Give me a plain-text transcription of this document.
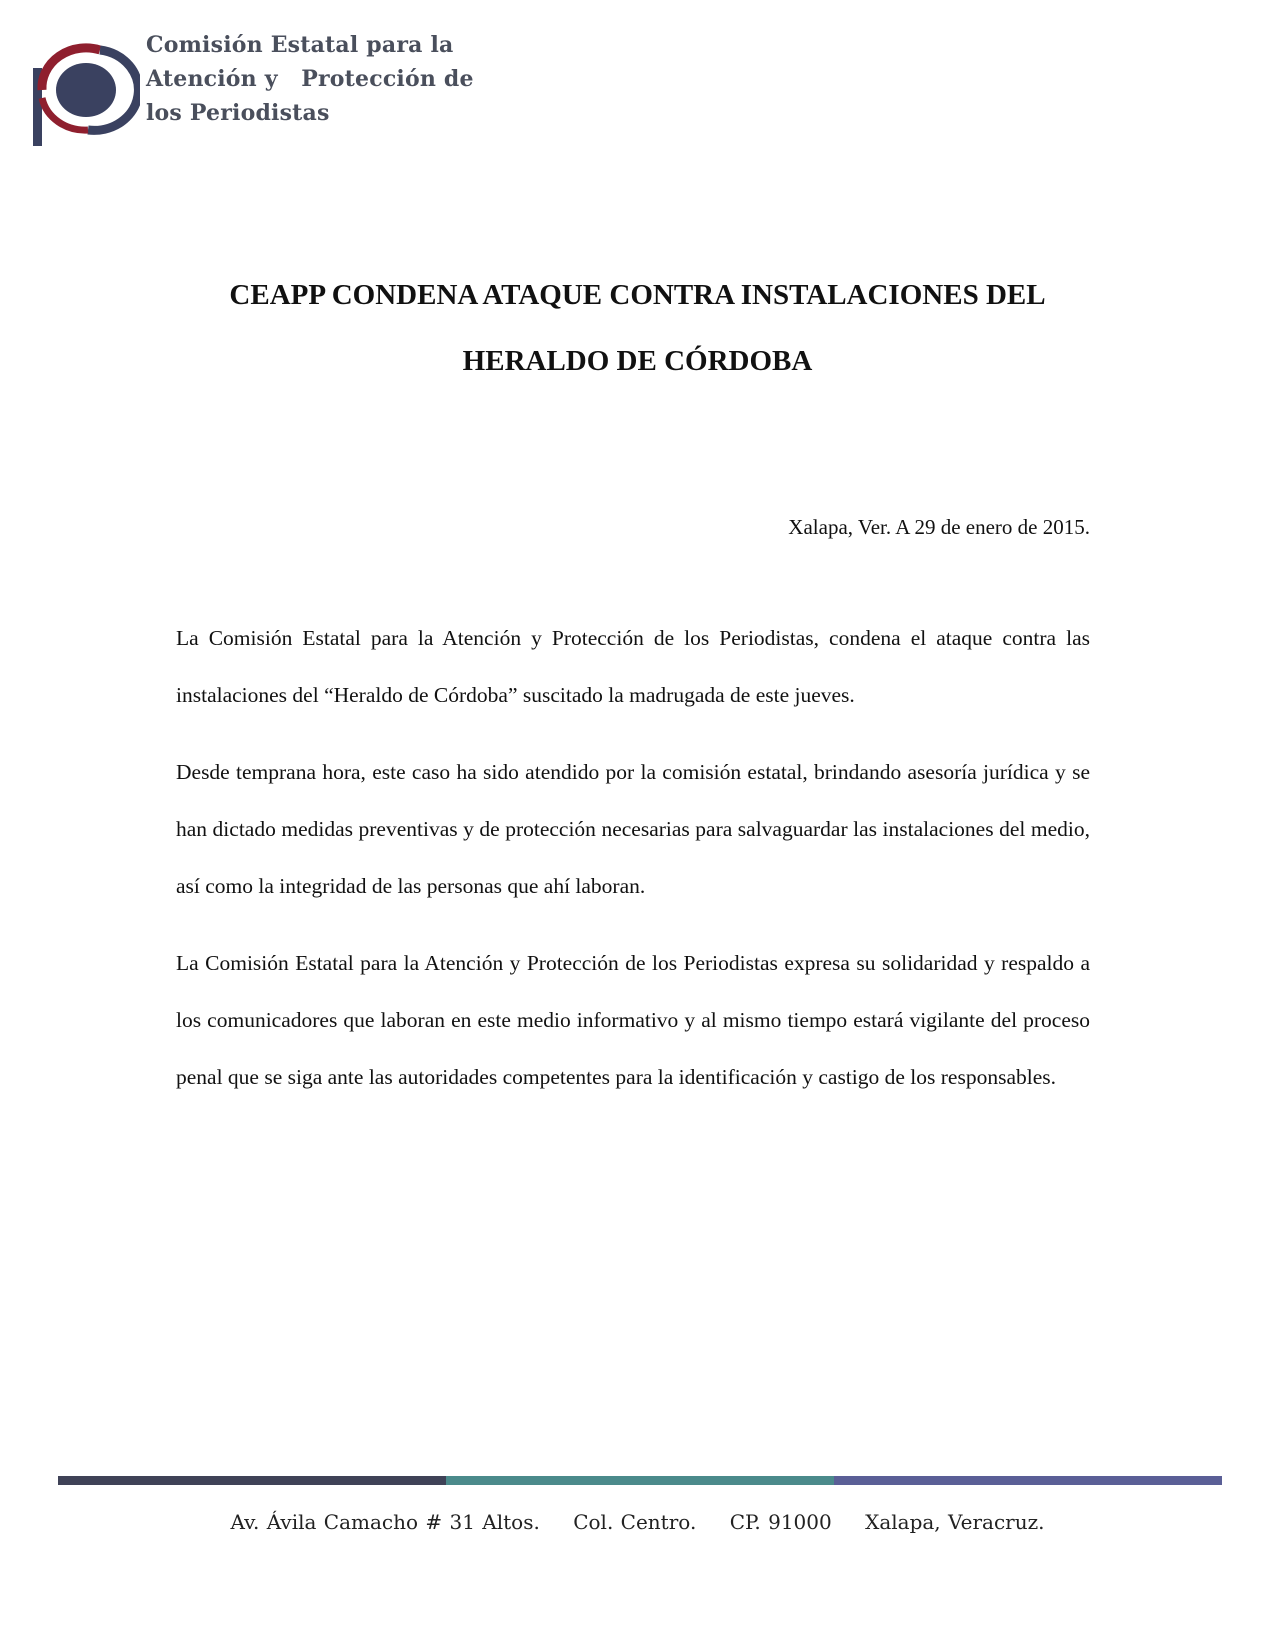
Comisión Estatal para la
Atención y   Protección de
los Periodistas
CEAPP CONDENA ATAQUE CONTRA INSTALACIONES DEL
HERALDO DE CÓRDOBA
Xalapa, Ver. A 29 de enero de 2015.

La Comisión Estatal para la Atención y Protección de los Periodistas, condena el ataque contra las instalaciones del “Heraldo de Córdoba” suscitado la madrugada de este jueves.

Desde temprana hora, este caso ha sido atendido por la comisión estatal, brindando asesoría jurídica y se han dictado medidas preventivas y de protección necesarias para salvaguardar las instalaciones del medio, así como la integridad de las personas que ahí laboran.

La Comisión Estatal para la Atención y Protección de los Periodistas expresa su solidaridad y respaldo a los comunicadores que laboran en este medio informativo y al mismo tiempo estará vigilante del proceso penal que se siga ante las autoridades competentes para la identificación y castigo de los responsables.

Av. Ávila Camacho # 31 Altos. Col. Centro. CP. 91000 Xalapa, Veracruz.
